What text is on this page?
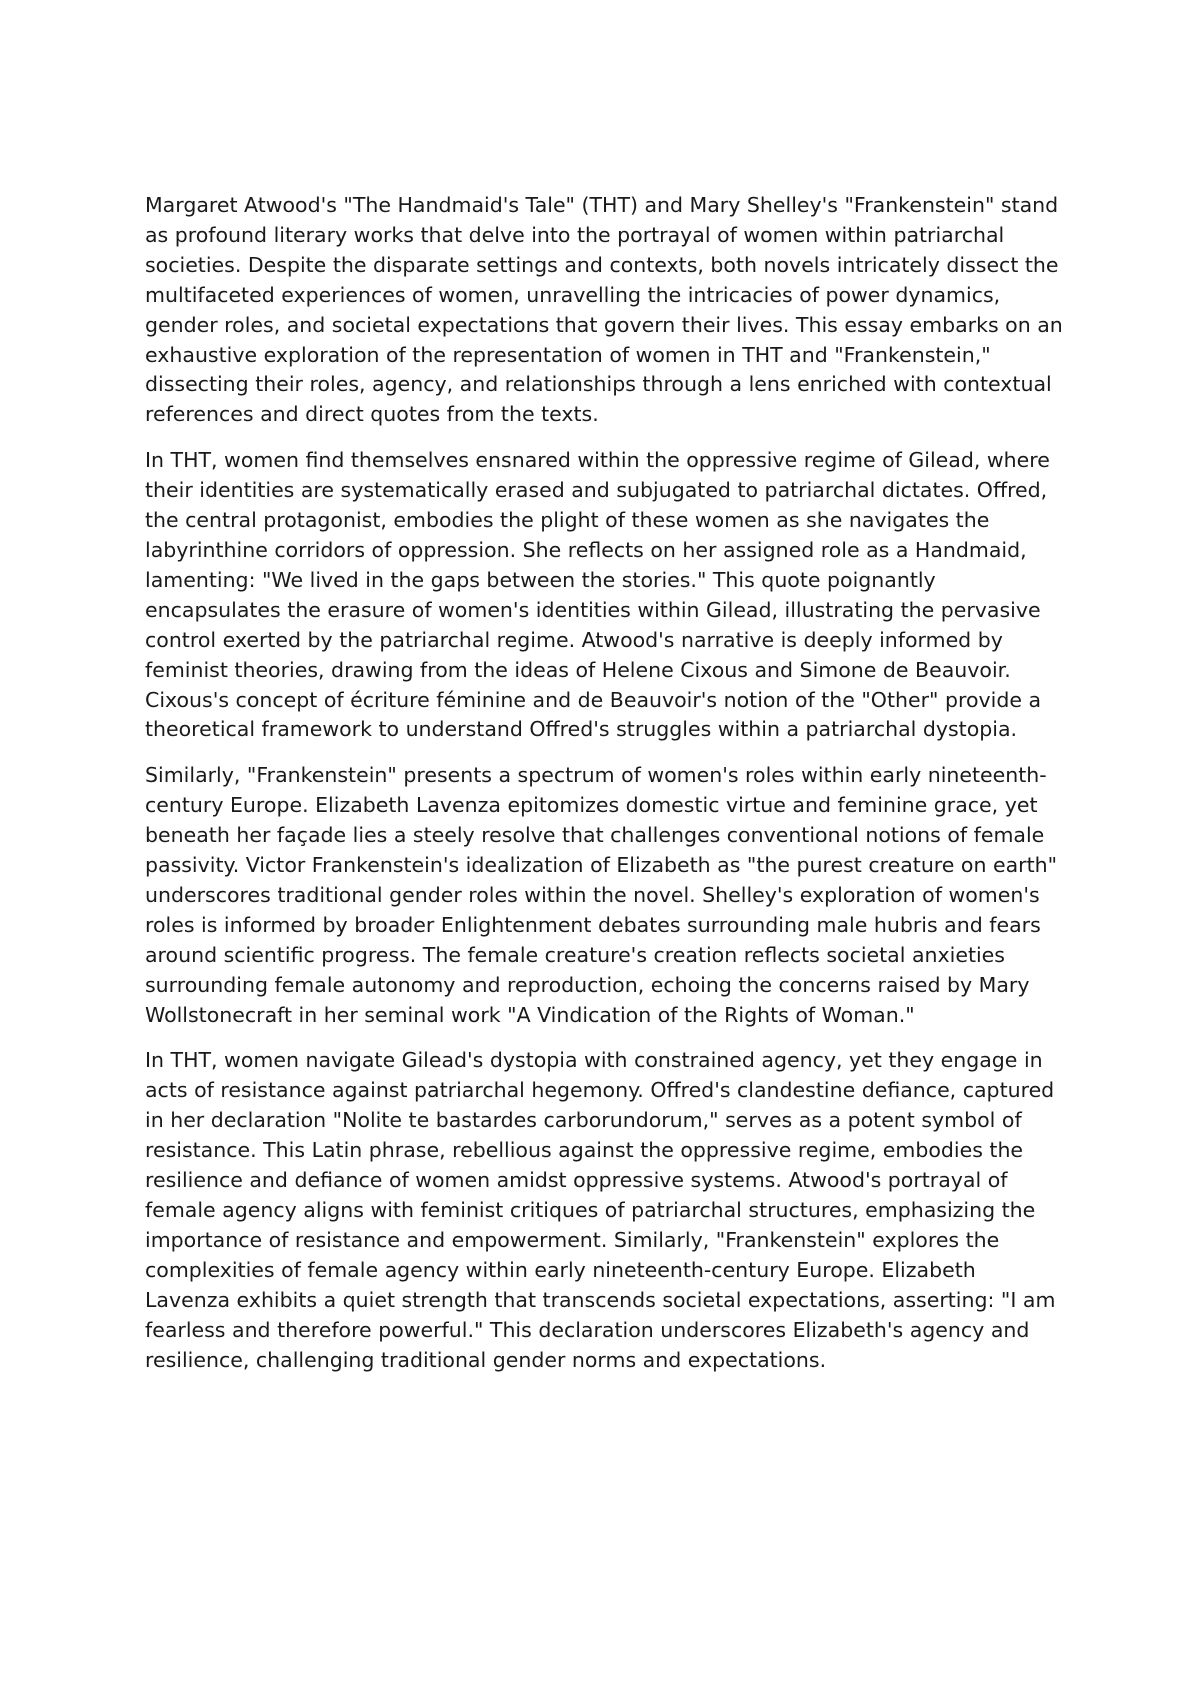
Margaret Atwood's "The Handmaid's Tale" (THT) and Mary Shelley's "Frankenstein" stand as profound literary works that delve into the portrayal of women within patriarchal societies. Despite the disparate settings and contexts, both novels intricately dissect the multifaceted experiences of women, unravelling the intricacies of power dynamics, gender roles, and societal expectations that govern their lives. This essay embarks on an exhaustive exploration of the representation of women in THT and "Frankenstein," dissecting their roles, agency, and relationships through a lens enriched with contextual references and direct quotes from the texts.

In THT, women find themselves ensnared within the oppressive regime of Gilead, where their identities are systematically erased and subjugated to patriarchal dictates. Offred, the central protagonist, embodies the plight of these women as she navigates the labyrinthine corridors of oppression. She reflects on her assigned role as a Handmaid, lamenting: "We lived in the gaps between the stories." This quote poignantly encapsulates the erasure of women's identities within Gilead, illustrating the pervasive control exerted by the patriarchal regime. Atwood's narrative is deeply informed by feminist theories, drawing from the ideas of Helene Cixous and Simone de Beauvoir. Cixous's concept of écriture féminine and de Beauvoir's notion of the "Other" provide a theoretical framework to understand Offred's struggles within a patriarchal dystopia.

Similarly, "Frankenstein" presents a spectrum of women's roles within early nineteenth-century Europe. Elizabeth Lavenza epitomizes domestic virtue and feminine grace, yet beneath her façade lies a steely resolve that challenges conventional notions of female passivity. Victor Frankenstein's idealization of Elizabeth as "the purest creature on earth" underscores traditional gender roles within the novel. Shelley's exploration of women's roles is informed by broader Enlightenment debates surrounding male hubris and fears around scientific progress. The female creature's creation reflects societal anxieties surrounding female autonomy and reproduction, echoing the concerns raised by Mary Wollstonecraft in her seminal work "A Vindication of the Rights of Woman."

In THT, women navigate Gilead's dystopia with constrained agency, yet they engage in acts of resistance against patriarchal hegemony. Offred's clandestine defiance, captured in her declaration "Nolite te bastardes carborundorum," serves as a potent symbol of resistance. This Latin phrase, rebellious against the oppressive regime, embodies the resilience and defiance of women amidst oppressive systems. Atwood's portrayal of female agency aligns with feminist critiques of patriarchal structures, emphasizing the importance of resistance and empowerment. Similarly, "Frankenstein" explores the complexities of female agency within early nineteenth-century Europe. Elizabeth Lavenza exhibits a quiet strength that transcends societal expectations, asserting: "I am fearless and therefore powerful." This declaration underscores Elizabeth's agency and resilience, challenging traditional gender norms and expectations.
